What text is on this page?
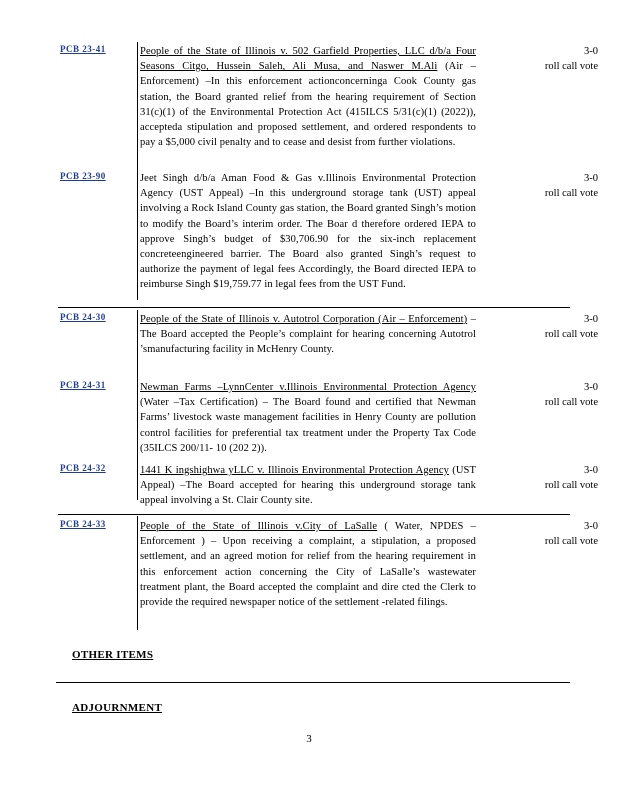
PCB 23-41	People of the State of Illinois v. 502 Garfield Properties, LLC d/b/a Four Seasons Citgo, Hussein Saleh, Ali Musa, and Naswer M.Ali (Air –Enforcement) –In this enforcement actionconcerninga Cook County gas station, the Board granted relief from the hearing requirement of Section 31(c)(1) of the Environmental Protection Act (415ILCS 5/31(c)(1) (2022)), accepteda stipulation and proposed settlement, and ordered respondents to pay a $5,000 civil penalty and to cease and desist from further violations.
3-0
roll call vote
PCB 23-90	Jeet Singh d/b/a Aman Food & Gas v.Illinois Environmental Protection Agency (UST Appeal) –In this underground storage tank (UST) appeal involving a Rock Island County gas station, the Board granted Singh’s motion to modify the Board’s interim order. The Boar d therefore ordered IEPA to approve Singh’s budget of $30,706.90 for the six-inch replacement concreteengineered barrier. The Board also granted Singh’s request to authorize the payment of legal fees Accordingly, the Board directed IEPA to reimburse Singh $19,759.77 in legal fees from the UST Fund.
3-0
roll call vote
PCB 24-30	People of the State of Illinois v. Autotrol Corporation (Air – Enforcement) – The Board accepted the People’s complaint for hearing concerning Autotrol ’smanufacturing facility in McHenry County.
3-0
roll call vote
PCB 24-31	Newman Farms –LynnCenter v.Illinois Environmental Protection Agency (Water –Tax Certification) – The Board found and certified that Newman Farms’ livestock waste management facilities in Henry County are pollution control facilities for preferential tax treatment under the Property Tax Code (35ILCS 200/11- 10 (202 2)).
3-0
roll call vote
PCB 24-32	1441 K ingshighwa yLLC v. Illinois Environmental Protection Agency (UST Appeal) –The Board accepted for hearing this underground storage tank appeal involving a St. Clair County site.
3-0
roll call vote
PCB 24-33	People of the State of Illinois v.City of LaSalle ( Water, NPDES – Enforcement ) – Upon receiving a complaint, a stipulation, a proposed settlement, and an agreed motion for relief from the hearing requirement in this enforcement action concerning the City of LaSalle’s wastewater treatment plant, the Board accepted the complaint and dire cted the Clerk to provide the required newspaper notice of the settlement -related filings.
3-0
roll call vote
OTHER ITEMS
ADJOURNMENT
3
